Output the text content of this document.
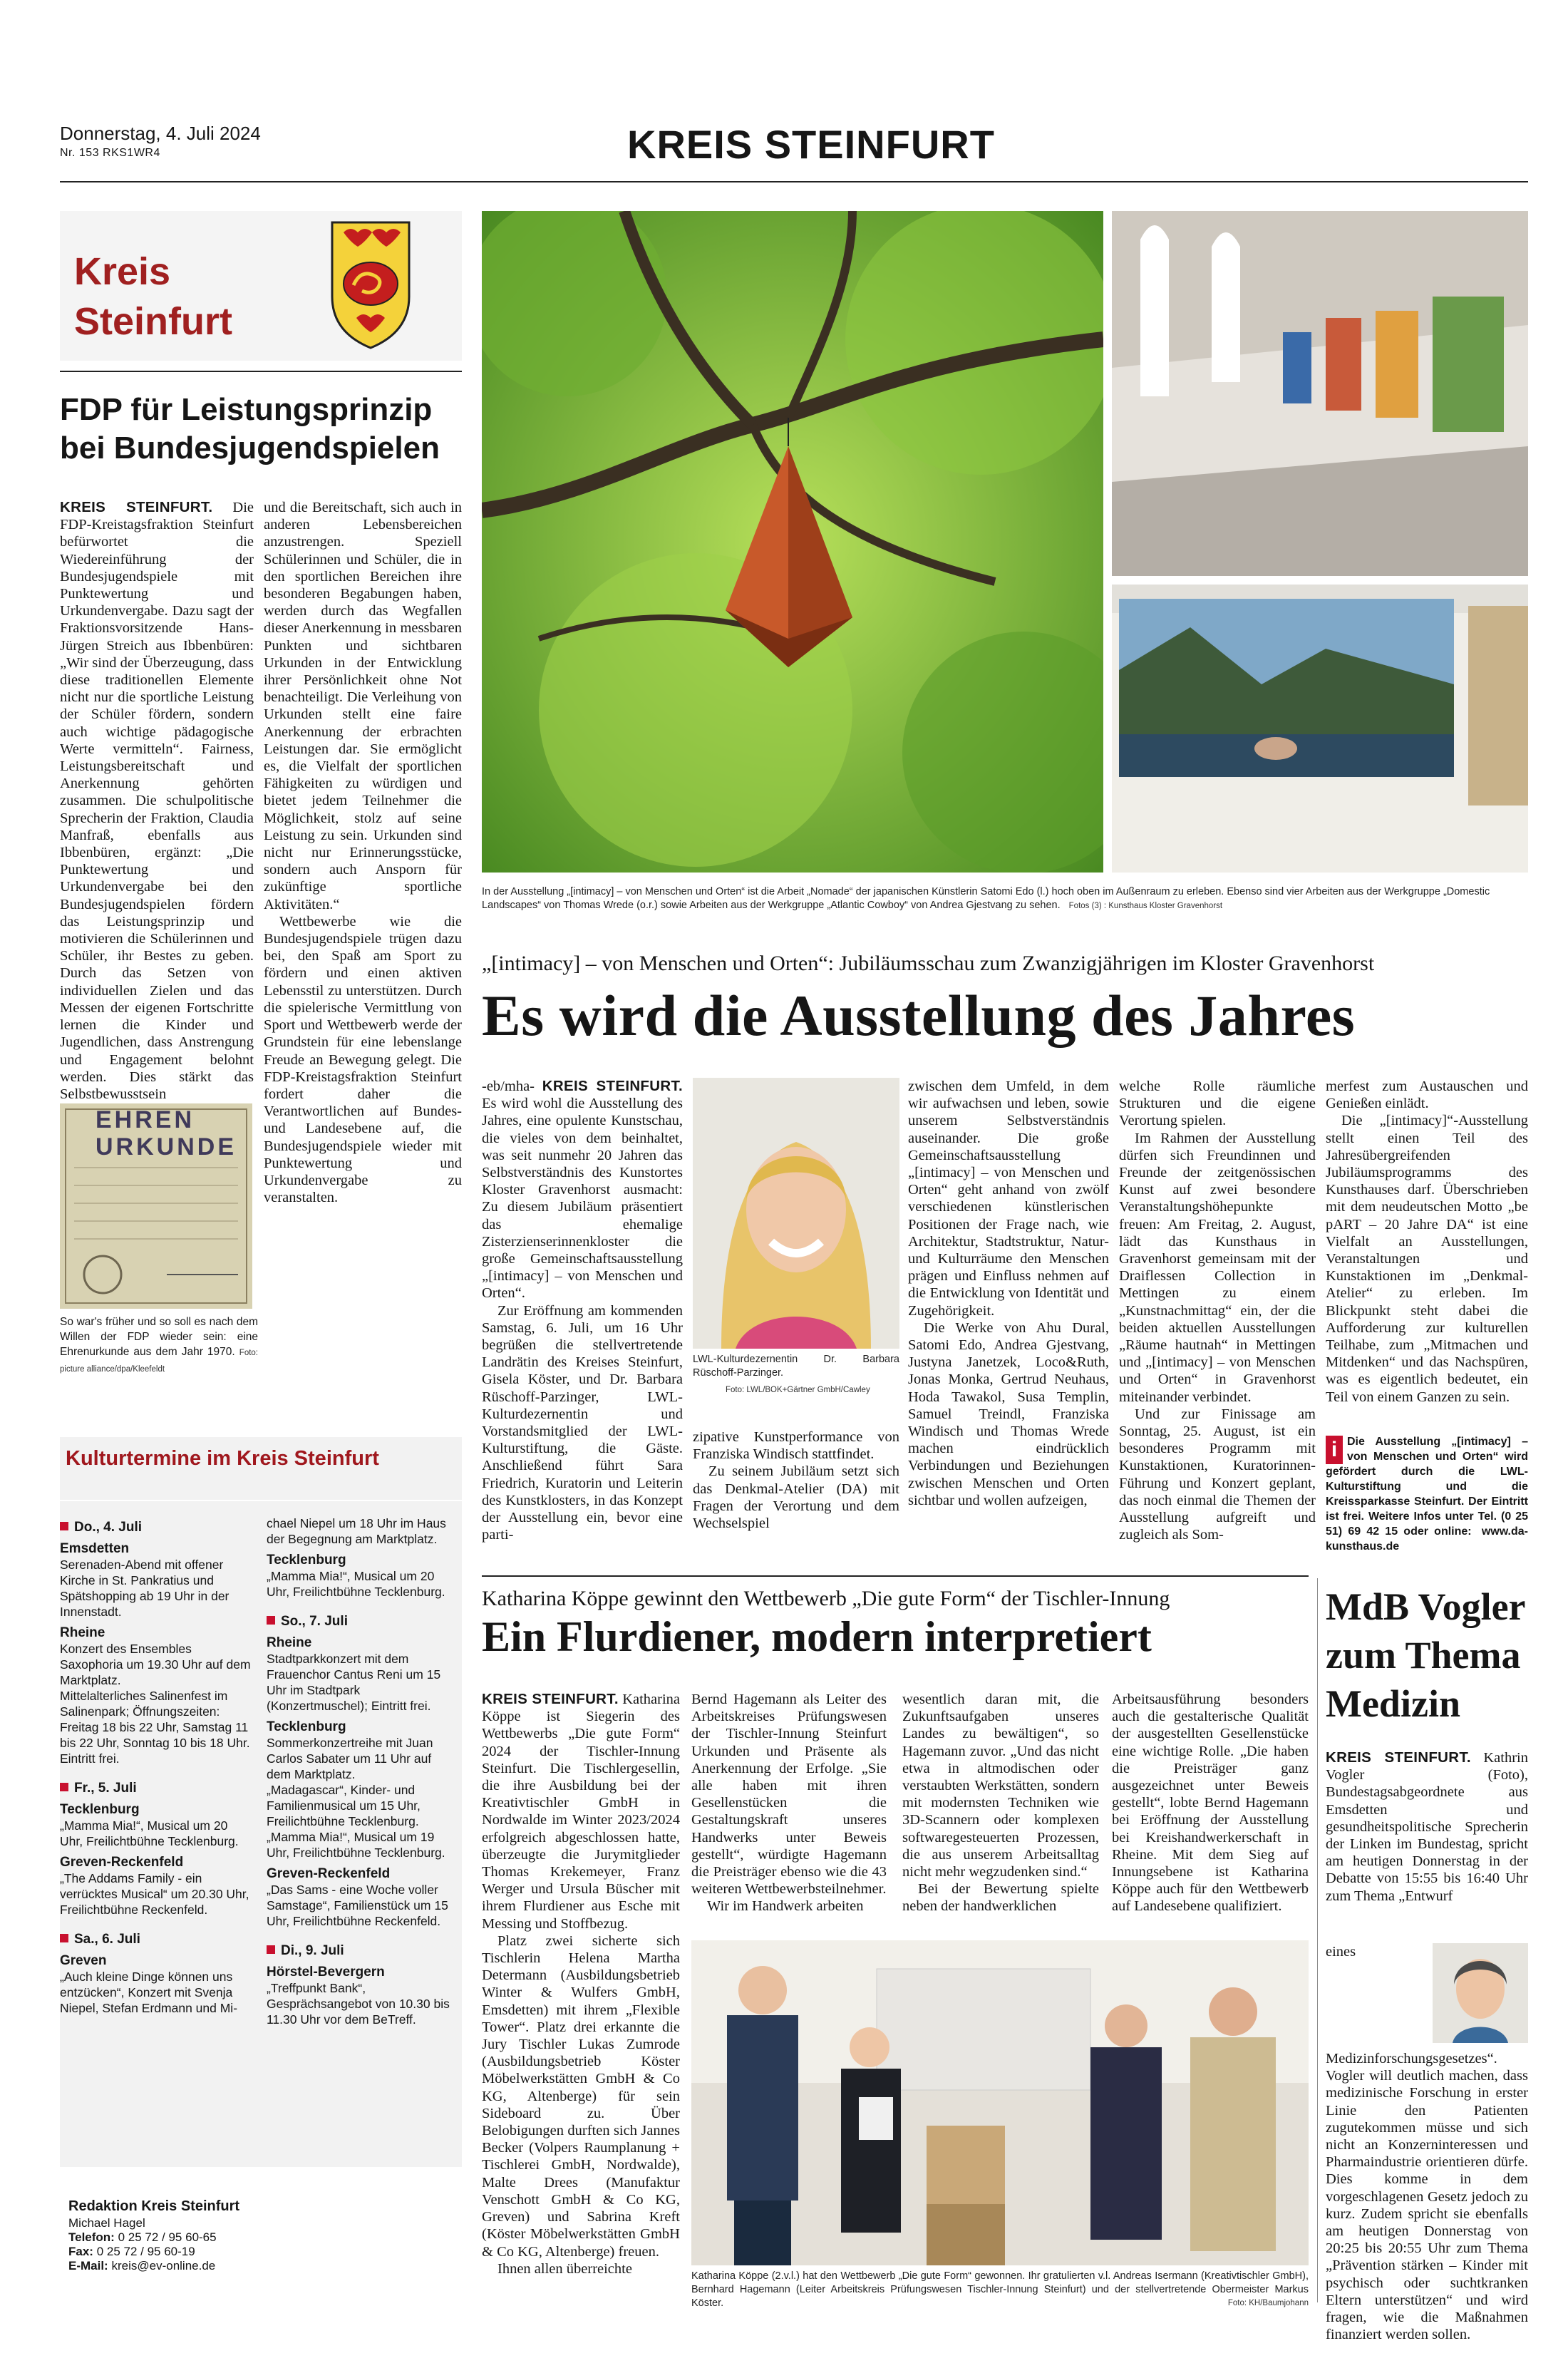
Donnerstag, 4. Juli 2024
Nr. 153 RKS1WR4	KREIS STEINFURT
Kreis
Steinfurt
FDP für Leistungsprinzip bei Bundesjugendspielen

KREIS STEINFURT. Die FDP-Kreistagsfraktion Steinfurt befürwortet die Wiedereinführung der Bundesjugendspiele mit Punktewertung und Urkundenvergabe. Dazu sagt der Fraktionsvorsitzende Hans-Jürgen Streich aus Ibbenbüren: „Wir sind der Überzeugung, dass diese traditionellen Elemente nicht nur die sportliche Leistung der Schüler fördern, sondern auch wichtige pädagogische Werte vermitteln“. Fairness, Leistungsbereitschaft und Anerkennung gehörten zusammen. Die schulpolitische Sprecherin der Fraktion, Claudia Manfraß, ebenfalls aus Ibbenbüren, ergänzt: „Die Punktewertung und Urkundenvergabe bei den Bundesjugendspielen fördern das Leistungsprinzip und motivieren die Schülerinnen und Schüler, ihr Bestes zu geben. Durch das Setzen von individuellen Zielen und das Messen der eigenen Fortschritte lernen die Kinder und Jugendlichen, dass Anstrengung und Engagement belohnt werden. Dies stärkt das Selbstbewusstsein

und die Bereitschaft, sich auch in anderen Lebensbereichen anzustrengen. Speziell Schülerinnen und Schüler, die in den sportlichen Bereichen ihre besonderen Begabungen haben, werden durch das Wegfallen dieser Anerkennung in messbaren Punkten und sichtbaren Urkunden in der Entwicklung ihrer Persönlichkeit ohne Not benachteiligt. Die Verleihung von Urkunden stellt eine faire Anerkennung der erbrachten Leistungen dar. Sie ermöglicht es, die Vielfalt der sportlichen Fähigkeiten zu würdigen und bietet jedem Teilnehmer die Möglichkeit, stolz auf seine Leistung zu sein. Urkunden sind nicht nur Erinnerungsstücke, sondern auch Ansporn für zukünftige sportliche Aktivitäten.“

Wettbewerbe wie die Bundesjugendspiele trügen dazu bei, den Spaß am Sport zu fördern und einen aktiven Lebensstil zu unterstützen. Durch die spielerische Vermittlung von Sport und Wettbewerb werde der Grundstein für eine lebenslange Freude an Bewegung gelegt. Die FDP-Kreistagsfraktion Steinfurt fordert daher die Verantwortlichen auf Bundes- und Landesebene auf, die Bundesjugendspiele wieder mit Punktewertung und Urkundenvergabe zu veranstalten.

EHREN
URKUNDE
So war's früher und so soll es nach dem Willen der FDP wieder sein: eine Ehrenurkunde aus dem Jahr 1970. Foto: picture alliance/dpa/Kleefeldt
Kulturtermine im Kreis Steinfurt
Do., 4. Juli
Emsdetten
Serenaden-Abend mit offener Kirche in St. Pankratius und Spätshopping ab 19 Uhr in der Innenstadt.
Rheine
Konzert des Ensembles Saxophoria um 19.30 Uhr auf dem Marktplatz.
Mittelalterliches Salinenfest im Salinenpark; Öffnungszeiten: Freitag 18 bis 22 Uhr, Samstag 11 bis 22 Uhr, Sonntag 10 bis 18 Uhr. Eintritt frei.
Fr., 5. Juli
Tecklenburg
„Mamma Mia!“, Musical um 20 Uhr, Freilichtbühne Tecklenburg.
Greven-Reckenfeld
„The Addams Family - ein verrücktes Musical“ um 20.30 Uhr, Freilichtbühne Reckenfeld.
Sa., 6. Juli
Greven
„Auch kleine Dinge können uns entzücken“, Konzert mit Svenja Niepel, Stefan Erdmann und Mi-
chael Niepel um 18 Uhr im Haus der Begegnung am Marktplatz.
Tecklenburg
„Mamma Mia!“, Musical um 20 Uhr, Freilichtbühne Tecklenburg.
So., 7. Juli
Rheine
Stadtparkkonzert mit dem Frauenchor Cantus Reni um 15 Uhr im Stadtpark (Konzertmuschel); Eintritt frei.
Tecklenburg
Sommerkonzertreihe mit Juan Carlos Sabater um 11 Uhr auf dem Marktplatz.
„Madagascar“, Kinder- und Familienmusical um 15 Uhr, Freilichtbühne Tecklenburg.
„Mamma Mia!“, Musical um 19 Uhr, Freilichtbühne Tecklenburg.
Greven-Reckenfeld
„Das Sams - eine Woche voller Samstage“, Familienstück um 15 Uhr, Freilichtbühne Reckenfeld.
Di., 9. Juli
Hörstel-Bevergern
„Treffpunkt Bank“, Gesprächsangebot von 10.30 bis 11.30 Uhr vor dem BeTreff.
Redaktion Kreis Steinfurt
Michael Hagel
Telefon: 0 25 72 / 95 60-65
Fax: 0 25 72 / 95 60-19
E-Mail: kreis@ev-online.de
In der Ausstellung „[intimacy] – von Menschen und Orten“ ist die Arbeit „Nomade“ der japanischen Künstlerin Satomi Edo (l.) hoch oben im Außenraum zu erleben. Ebenso sind vier Arbeiten aus der Werkgruppe „Domestic Landscapes“ von Thomas Wrede (o.r.) sowie Arbeiten aus der Werkgruppe „Atlantic Cowboy“ von Andrea Gjestvang zu sehen. Fotos (3) : Kunsthaus Kloster Gravenhorst
„[intimacy] – von Menschen und Orten“: Jubiläumsschau zum Zwanzigjährigen im Kloster Gravenhorst
Es wird die Ausstellung des Jahres

-eb/mha- KREIS STEINFURT. Es wird wohl die Ausstellung des Jahres, eine opulente Kunstschau, die vieles von dem beinhaltet, was seit nunmehr 20 Jahren das Selbstverständnis des Kunstortes Kloster Gravenhorst ausmacht: Zu diesem Jubiläum präsentiert das ehemalige Zisterzienserinnenkloster die große Gemeinschaftsausstellung „[intimacy] – von Menschen und Orten“.

Zur Eröffnung am kommenden Samstag, 6. Juli, um 16 Uhr begrüßen die stellvertretende Landrätin des Kreises Steinfurt, Gisela Köster, und Dr. Barbara Rüschoff-Parzinger, LWL-Kulturdezernentin und Vorstandsmitglied der LWL-Kulturstiftung, die Gäste. Anschließend führt Sara Friedrich, Kuratorin und Leiterin des Kunstklosters, in das Konzept der Ausstellung ein, bevor eine parti-

LWL-Kulturdezernentin Dr. Barbara Rüschoff-Parzinger.
Foto: LWL/BOK+Gärtner GmbH/Cawley

zipative Kunstperformance von Franziska Windisch stattfindet.

Zu seinem Jubiläum setzt sich das Denkmal-Atelier (DA) mit Fragen der Verortung und dem Wechselspiel

zwischen dem Umfeld, in dem wir aufwachsen und leben, sowie unserem Selbstverständnis auseinander. Die große Gemeinschaftsausstellung „[intimacy] – von Menschen und Orten“ geht anhand von zwölf verschiedenen künstlerischen Positionen der Frage nach, wie Architektur, Stadtstruktur, Natur- und Kulturräume den Menschen prägen und Einfluss nehmen auf die Entwicklung von Identität und Zugehörigkeit.

Die Werke von Ahu Dural, Satomi Edo, Andrea Gjestvang, Justyna Janetzek, Loco&Ruth, Jonas Monka, Gertrud Neuhaus, Hoda Tawakol, Susa Templin, Samuel Treindl, Franziska Windisch und Thomas Wrede machen eindrücklich Verbindungen und Beziehungen zwischen Menschen und Orten sichtbar und wollen aufzeigen,

welche Rolle räumliche Strukturen und die eigene Verortung spielen.

Im Rahmen der Ausstellung dürfen sich Freundinnen und Freunde der zeitgenössischen Kunst auf zwei besondere Veranstaltungshöhepunkte freuen: Am Freitag, 2. August, lädt das Kunsthaus in Gravenhorst gemeinsam mit der Draiflessen Collection in Mettingen zu einem „Kunstnachmittag“ ein, der die beiden aktuellen Ausstellungen „Räume hautnah“ in Mettingen und „[intimacy] – von Menschen und Orten“ in Gravenhorst miteinander verbindet.

Und zur Finissage am Sonntag, 25. August, ist ein besonderes Programm mit Kunstaktionen, Kuratorinnen-Führung und Konzert geplant, das noch einmal die Themen der Ausstellung aufgreift und zugleich als Som-

merfest zum Austauschen und Genießen einlädt.

Die „[intimacy]“-Ausstellung stellt einen Teil des Jahresübergreifenden Jubiläumsprogramms des Kunsthauses darf. Überschrieben mit dem neudeutschen Motto „be pART – 20 Jahre DA“ ist eine Vielfalt an Ausstellungen, Veranstaltungen und Kunstaktionen im „Denkmal-Atelier“ zu erleben. Im Blickpunkt steht dabei die Aufforderung zur kulturellen Teilhabe, zum „Mitmachen und Mitdenken“ und das Nachspüren, was es eigentlich bedeutet, ein Teil von einem Ganzen zu sein.

i Die Ausstellung „[intimacy] – von Menschen und Orten“ wird gefördert durch die LWL-Kulturstiftung und die Kreissparkasse Steinfurt. Der Eintritt ist frei. Weitere Infos unter Tel. (0 25 51) 69 42 15 oder online: www.da-kunsthaus.de
Katharina Köppe gewinnt den Wettbewerb „Die gute Form“ der Tischler-Innung
Ein Flurdiener, modern interpretiert

KREIS STEINFURT. Katharina Köppe ist Siegerin des Wettbewerbs „Die gute Form“ 2024 der Tischler-Innung Steinfurt. Die Tischlergesellin, die ihre Ausbildung bei der Kreativtischler GmbH in Nordwalde im Winter 2023/2024 erfolgreich abgeschlossen hatte, überzeugte die Jurymitglieder Thomas Krekemeyer, Franz Werger und Ursula Büscher mit ihrem Flurdiener aus Esche mit Messing und Stoffbezug.

Platz zwei sicherte sich Tischlerin Helena Martha Determann (Ausbildungsbetrieb Winter & Wulfers GmbH, Emsdetten) mit ihrem „Flexible Tower“. Platz drei erkannte die Jury Tischler Lukas Zumrode (Ausbildungsbetrieb Köster Möbelwerkstätten GmbH & Co KG, Altenberge) für sein Sideboard zu. Über Belobigungen durften sich Jannes Becker (Volpers Raumplanung + Tischlerei GmbH, Nordwalde), Malte Drees (Manufaktur Venschott GmbH & Co KG, Greven) und Sabrina Kreft (Köster Möbelwerkstätten GmbH & Co KG, Altenberge) freuen.

Ihnen allen überreichte

Bernd Hagemann als Leiter des Arbeitskreises Prüfungswesen der Tischler-Innung Steinfurt Urkunden und Präsente als Anerkennung der Erfolge. „Sie alle haben mit ihren Gesellenstücken die Gestaltungskraft unseres Handwerks unter Beweis gestellt“, würdigte Hagemann die Preisträger ebenso wie die 43 weiteren Wettbewerbsteilnehmer.

Wir im Handwerk arbeiten

wesentlich daran mit, die Zukunftsaufgaben unseres Landes zu bewältigen“, so Hagemann zuvor. „Und das nicht etwa in altmodischen oder verstaubten Werkstätten, sondern mit modernsten Techniken wie 3D-Scannern oder komplexen softwaregesteuerten Prozessen, die aus unserem Arbeitsalltag nicht mehr wegzudenken sind.“

Bei der Bewertung spielte neben der handwerklichen

Arbeitsausführung besonders auch die gestalterische Qualität der ausgestellten Gesellenstücke eine wichtige Rolle. „Die haben die Preisträger ganz ausgezeichnet unter Beweis gestellt“, lobte Bernd Hagemann bei Eröffnung der Ausstellung bei Kreishandwerkerschaft in Rheine. Mit dem Sieg auf Innungsebene ist Katharina Köppe auch für den Wettbewerb auf Landesebene qualifiziert.

Katharina Köppe (2.v.l.) hat den Wettbewerb „Die gute Form“ gewonnen. Ihr gratulierten v.l. Andreas Isermann (Kreativtischler GmbH), Bernhard Hagemann (Leiter Arbeitskreis Prüfungswesen Tischler-Innung Steinfurt) und der stellvertretende Obermeister Markus Köster.	Foto: KH/Baumjohann
MdB Vogler zum Thema Medizin

KREIS STEINFURT. Kathrin Vogler (Foto), Bundestagsabgeordnete aus Emsdetten und gesundheitspolitische Sprecherin der Linken im Bundestag, spricht am heutigen Donnerstag in der Debatte von 15:55 bis 16:40 Uhr zum Thema „Entwurf

eines Medizinforschungsgesetzes“. Vogler will deutlich machen, dass medizinische Forschung in erster Linie den Patienten zugutekommen müsse und sich nicht an Konzerninteressen und Pharmaindustrie orientieren dürfe. Dies komme in dem vorgeschlagenen Gesetz jedoch zu kurz. Zudem spricht sie ebenfalls am heutigen Donnerstag von 20:25 bis 20:55 Uhr zum Thema „Prävention stärken – Kinder mit psychisch oder suchtkranken Eltern unterstützen“ und wird fragen, wie die Maßnahmen finanziert werden sollen.
